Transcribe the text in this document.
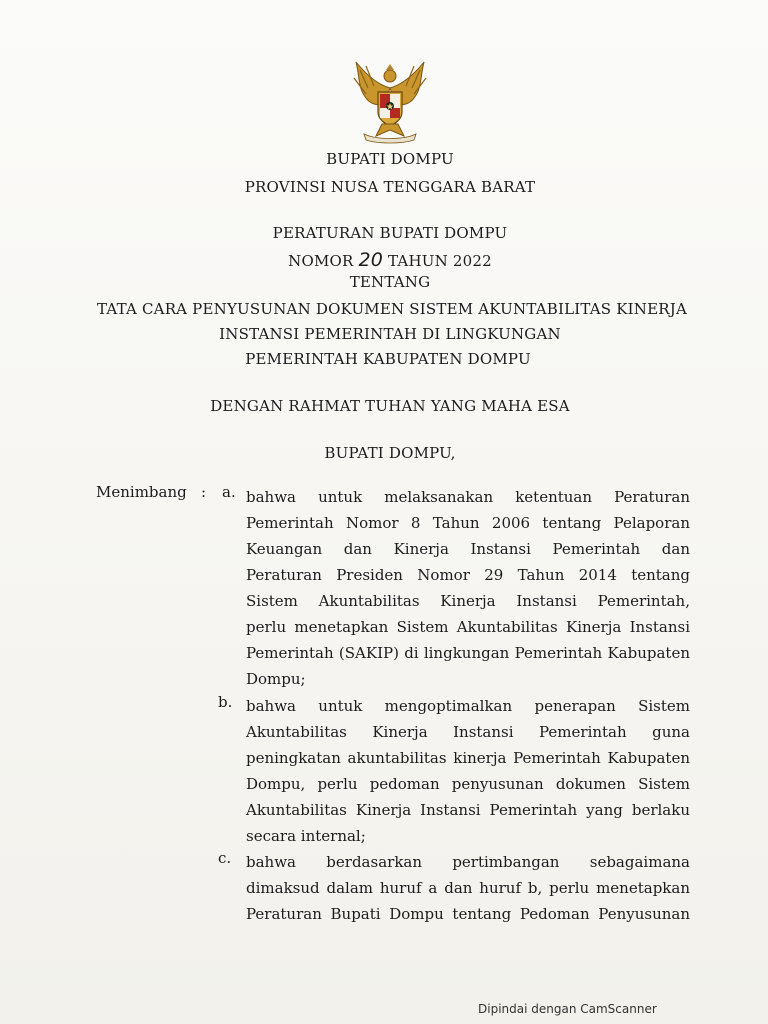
BUPATI DOMPU
PROVINSI NUSA TENGGARA BARAT
PERATURAN BUPATI DOMPU
NOMOR 20 TAHUN 2022
TENTANG
TATA CARA PENYUSUNAN DOKUMEN SISTEM AKUNTABILITAS KINERJA
INSTANSI PEMERINTAH DI LINGKUNGAN
PEMERINTAH KABUPATEN DOMPU
DENGAN RAHMAT TUHAN YANG MAHA ESA
BUPATI DOMPU,
Menimbang : a. bahwa untuk melaksanakan ketentuan Peraturan
Pemerintah Nomor 8 Tahun 2006 tentang Pelaporan
Keuangan dan Kinerja Instansi Pemerintah dan
Peraturan Presiden Nomor 29 Tahun 2014 tentang
Sistem Akuntabilitas Kinerja Instansi Pemerintah,
perlu menetapkan Sistem Akuntabilitas Kinerja Instansi
Pemerintah (SAKIP) di lingkungan Pemerintah Kabupaten
Dompu;
b. bahwa untuk mengoptimalkan penerapan Sistem
Akuntabilitas Kinerja Instansi Pemerintah guna
peningkatan akuntabilitas kinerja Pemerintah Kabupaten
Dompu, perlu pedoman penyusunan dokumen Sistem
Akuntabilitas Kinerja Instansi Pemerintah yang berlaku
secara internal;
c. bahwa berdasarkan pertimbangan sebagaimana
dimaksud dalam huruf a dan huruf b, perlu menetapkan
Peraturan Bupati Dompu tentang Pedoman Penyusunan
Dipindai dengan CamScanner
